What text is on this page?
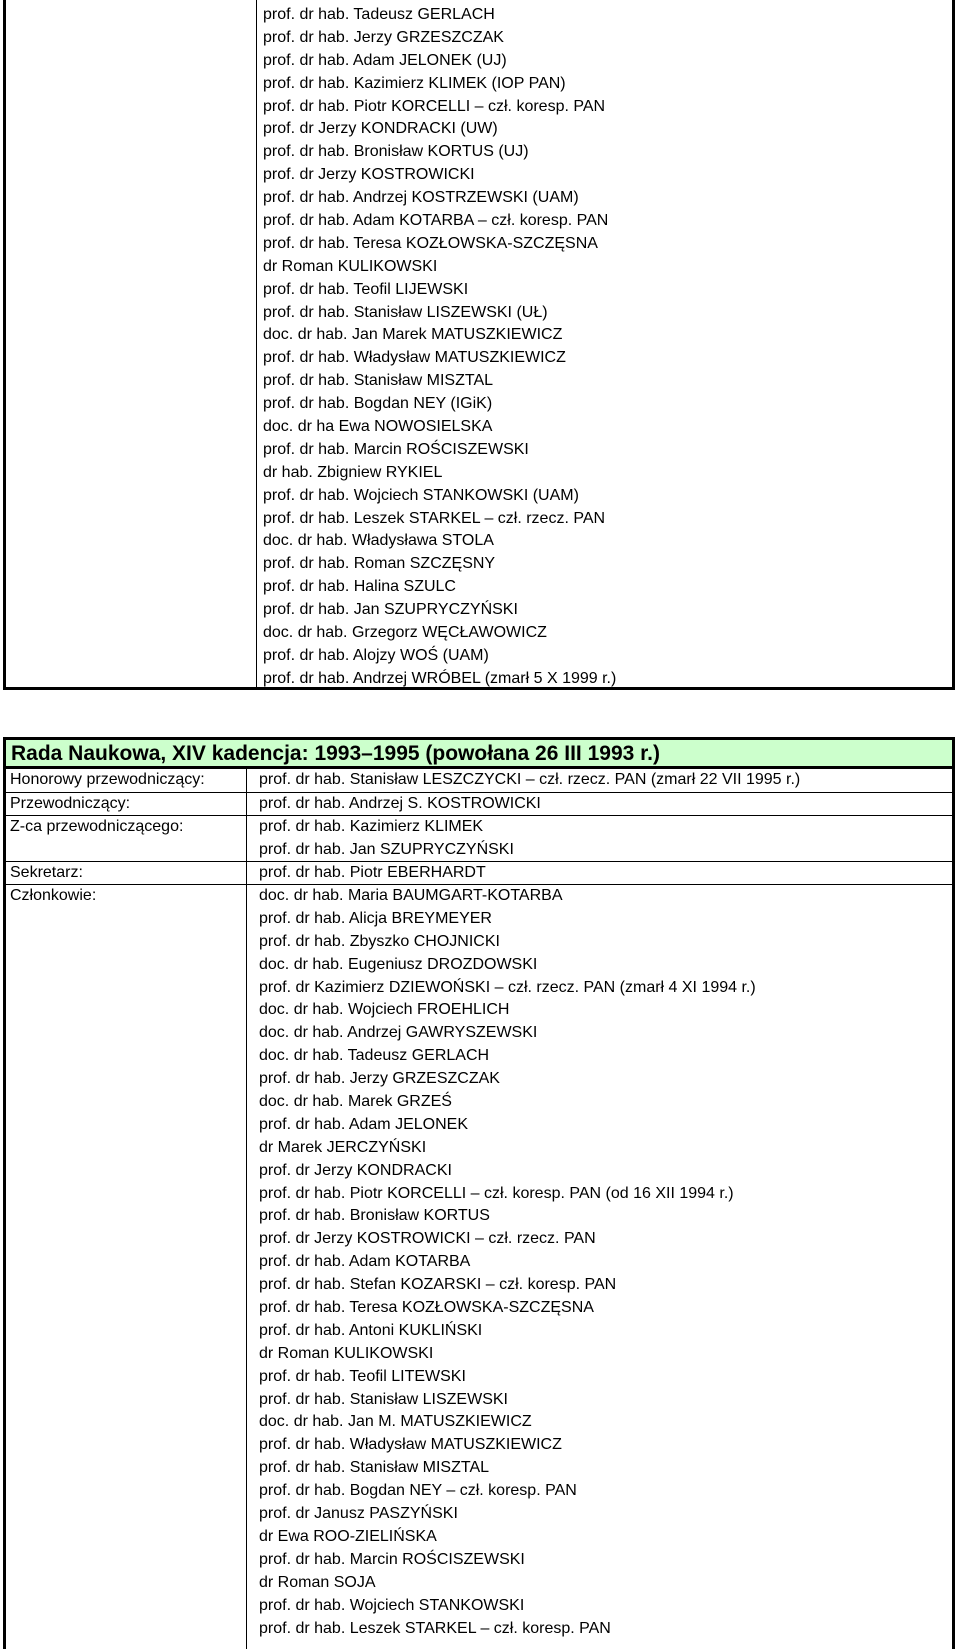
prof. dr hab. Tadeusz GERLACH
prof. dr hab. Jerzy GRZESZCZAK
prof. dr hab. Adam JELONEK (UJ)
prof. dr hab. Kazimierz KLIMEK (IOP PAN)
prof. dr hab. Piotr KORCELLI – czł. koresp. PAN
prof. dr Jerzy KONDRACKI (UW)
prof. dr hab. Bronisław KORTUS (UJ)
prof. dr Jerzy KOSTROWICKI
prof. dr hab. Andrzej KOSTRZEWSKI (UAM)
prof. dr hab. Adam KOTARBA – czł. koresp. PAN
prof. dr hab. Teresa KOZŁOWSKA-SZCZĘSNA
dr Roman KULIKOWSKI
prof. dr hab. Teofil LIJEWSKI
prof. dr hab. Stanisław LISZEWSKI (UŁ)
doc. dr hab. Jan Marek MATUSZKIEWICZ
prof. dr hab. Władysław MATUSZKIEWICZ
prof. dr hab. Stanisław MISZTAL
prof. dr hab. Bogdan NEY (IGiK)
doc. dr ha Ewa NOWOSIELSKA
prof. dr hab. Marcin ROŚCISZEWSKI
dr hab. Zbigniew RYKIEL
prof. dr hab. Wojciech STANKOWSKI (UAM)
prof. dr hab. Leszek STARKEL – czł. rzecz. PAN
doc. dr hab. Władysława STOLA
prof. dr hab. Roman SZCZĘSNY
prof. dr hab. Halina SZULC
prof. dr hab. Jan SZUPRYCZYŃSKI
doc. dr hab. Grzegorz WĘCŁAWOWICZ
prof. dr hab. Alojzy WOŚ (UAM)
prof. dr hab. Andrzej WRÓBEL (zmarł 5 X 1999 r.)
Rada Naukowa, XIV kadencja: 1993–1995 (powołana 26 III 1993 r.)
Honorowy przewodniczący:	prof. dr hab. Stanisław LESZCZYCKI – czł. rzecz. PAN (zmarł 22 VII 1995 r.)
Przewodniczący:	prof. dr hab. Andrzej S. KOSTROWICKI
Z-ca przewodniczącego:	prof. dr hab. Kazimierz KLIMEK
prof. dr hab. Jan SZUPRYCZYŃSKI
Sekretarz:	prof. dr hab. Piotr EBERHARDT
Członkowie:	doc. dr hab. Maria BAUMGART-KOTARBA
prof. dr hab. Alicja BREYMEYER
prof. dr hab. Zbyszko CHOJNICKI
doc. dr hab. Eugeniusz DROZDOWSKI
prof. dr Kazimierz DZIEWOŃSKI – czł. rzecz. PAN (zmarł 4 XI 1994 r.)
doc. dr hab. Wojciech FROEHLICH
doc. dr hab. Andrzej GAWRYSZEWSKI
doc. dr hab. Tadeusz GERLACH
prof. dr hab. Jerzy GRZESZCZAK
doc. dr hab. Marek GRZEŚ
prof. dr hab. Adam JELONEK
dr Marek JERCZYŃSKI
prof. dr Jerzy KONDRACKI
prof. dr hab. Piotr KORCELLI – czł. koresp. PAN (od 16 XII 1994 r.)
prof. dr hab. Bronisław KORTUS
prof. dr Jerzy KOSTROWICKI – czł. rzecz. PAN
prof. dr hab. Adam KOTARBA
prof. dr hab. Stefan KOZARSKI – czł. koresp. PAN
prof. dr hab. Teresa KOZŁOWSKA-SZCZĘSNA
prof. dr hab. Antoni KUKLIŃSKI
dr Roman KULIKOWSKI
prof. dr hab. Teofil LITEWSKI
prof. dr hab. Stanisław LISZEWSKI
doc. dr hab. Jan M. MATUSZKIEWICZ
prof. dr hab. Władysław MATUSZKIEWICZ
prof. dr hab. Stanisław MISZTAL
prof. dr hab. Bogdan NEY – czł. koresp. PAN
prof. dr Janusz PASZYŃSKI
dr Ewa ROO-ZIELIŃSKA
prof. dr hab. Marcin ROŚCISZEWSKI
dr Roman SOJA
prof. dr hab. Wojciech STANKOWSKI
prof. dr hab. Leszek STARKEL – czł. koresp. PAN
